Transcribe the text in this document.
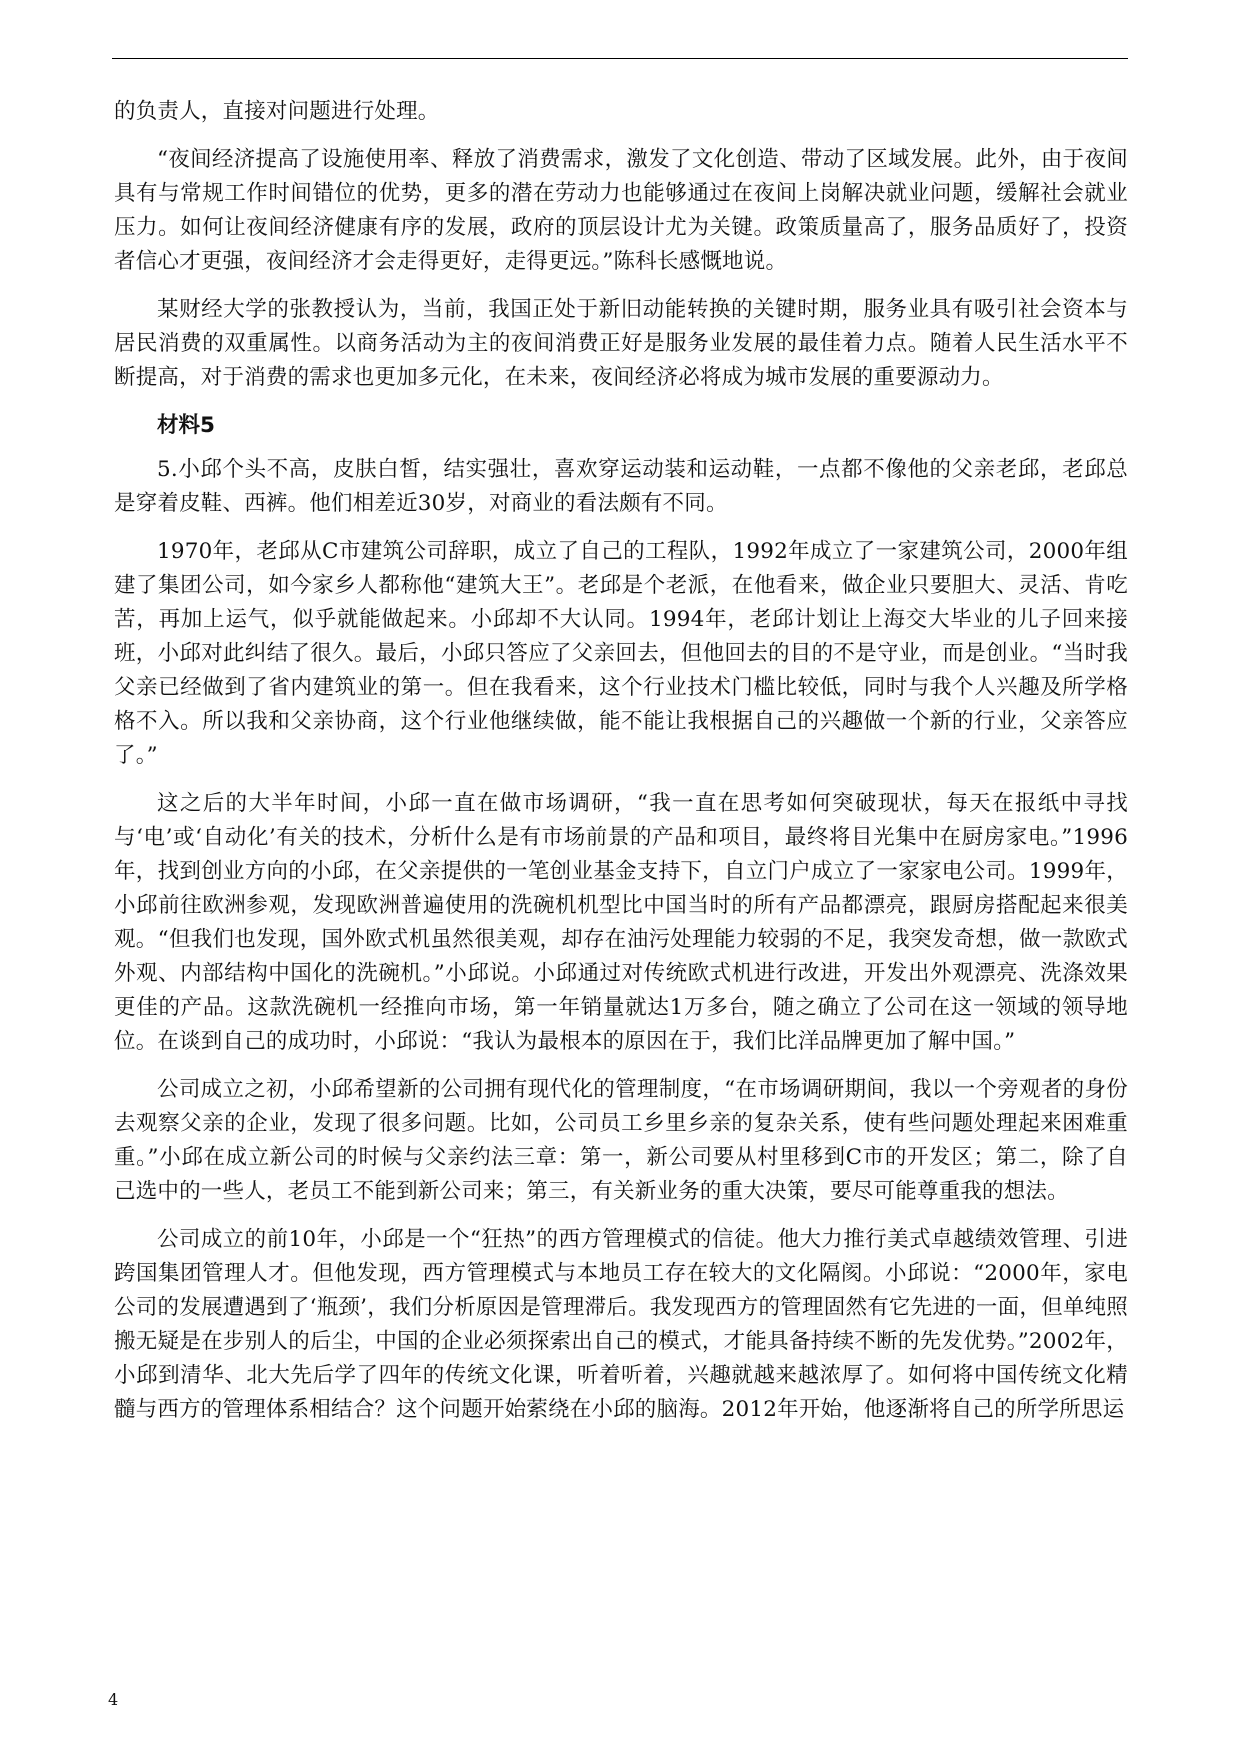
的负责人，直接对问题进行处理。

“夜间经济提高了设施使用率、释放了消费需求，激发了文化创造、带动了区域发展。此外，由于夜间具有与常规工作时间错位的优势，更多的潜在劳动力也能够通过在夜间上岗解决就业问题，缓解社会就业压力。如何让夜间经济健康有序的发展，政府的顶层设计尤为关键。政策质量高了，服务品质好了，投资者信心才更强，夜间经济才会走得更好，走得更远。”陈科长感慨地说。

某财经大学的张教授认为，当前，我国正处于新旧动能转换的关键时期，服务业具有吸引社会资本与居民消费的双重属性。以商务活动为主的夜间消费正好是服务业发展的最佳着力点。随着人民生活水平不断提高，对于消费的需求也更加多元化，在未来，夜间经济必将成为城市发展的重要源动力。

材料5

5.小邱个头不高，皮肤白皙，结实强壮，喜欢穿运动装和运动鞋，一点都不像他的父亲老邱，老邱总是穿着皮鞋、西裤。他们相差近30岁，对商业的看法颇有不同。

1970年，老邱从C市建筑公司辞职，成立了自己的工程队，1992年成立了一家建筑公司，2000年组建了集团公司，如今家乡人都称他“建筑大王”。老邱是个老派，在他看来，做企业只要胆大、灵活、肯吃苦，再加上运气，似乎就能做起来。小邱却不大认同。1994年，老邱计划让上海交大毕业的儿子回来接班，小邱对此纠结了很久。最后，小邱只答应了父亲回去，但他回去的目的不是守业，而是创业。“当时我父亲已经做到了省内建筑业的第一。但在我看来，这个行业技术门槛比较低，同时与我个人兴趣及所学格格不入。所以我和父亲协商，这个行业他继续做，能不能让我根据自己的兴趣做一个新的行业，父亲答应了。”

这之后的大半年时间，小邱一直在做市场调研，“我一直在思考如何突破现状，每天在报纸中寻找与‘电’或‘自动化’有关的技术，分析什么是有市场前景的产品和项目，最终将目光集中在厨房家电。”1996年，找到创业方向的小邱，在父亲提供的一笔创业基金支持下，自立门户成立了一家家电公司。1999年，小邱前往欧洲参观，发现欧洲普遍使用的洗碗机机型比中国当时的所有产品都漂亮，跟厨房搭配起来很美观。“但我们也发现，国外欧式机虽然很美观，却存在油污处理能力较弱的不足，我突发奇想，做一款欧式外观、内部结构中国化的洗碗机。”小邱说。小邱通过对传统欧式机进行改进，开发出外观漂亮、洗涤效果更佳的产品。这款洗碗机一经推向市场，第一年销量就达1万多台，随之确立了公司在这一领域的领导地位。在谈到自己的成功时，小邱说：“我认为最根本的原因在于，我们比洋品牌更加了解中国。”

公司成立之初，小邱希望新的公司拥有现代化的管理制度，“在市场调研期间，我以一个旁观者的身份去观察父亲的企业，发现了很多问题。比如，公司员工乡里乡亲的复杂关系，使有些问题处理起来困难重重。”小邱在成立新公司的时候与父亲约法三章：第一，新公司要从村里移到C市的开发区；第二，除了自己选中的一些人，老员工不能到新公司来；第三，有关新业务的重大决策，要尽可能尊重我的想法。

公司成立的前10年，小邱是一个“狂热”的西方管理模式的信徒。他大力推行美式卓越绩效管理、引进跨国集团管理人才。但他发现，西方管理模式与本地员工存在较大的文化隔阂。小邱说：“2000年，家电公司的发展遭遇到了‘瓶颈’，我们分析原因是管理滞后。我发现西方的管理固然有它先进的一面，但单纯照搬无疑是在步别人的后尘，中国的企业必须探索出自己的模式，才能具备持续不断的先发优势。”2002年，小邱到清华、北大先后学了四年的传统文化课，听着听着，兴趣就越来越浓厚了。如何将中国传统文化精髓与西方的管理体系相结合？这个问题开始萦绕在小邱的脑海。2012年开始，他逐渐将自己的所学所思运

4
